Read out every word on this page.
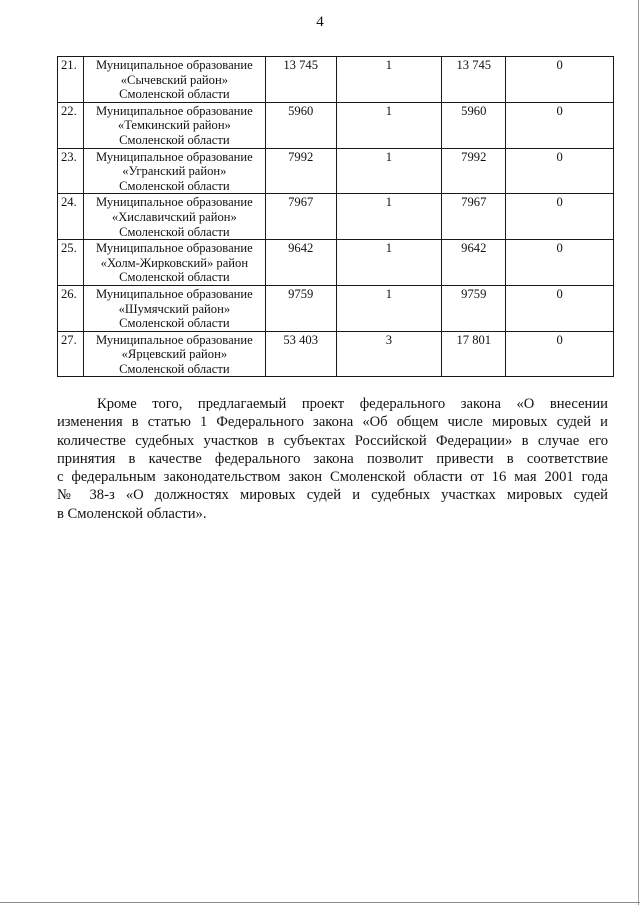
4
21.	Муниципальное образование
«Сычевский район»
Смоленской области	13 745	1	13 745	0
22.	Муниципальное образование
«Темкинский район»
Смоленской области	5960	1	5960	0
23.	Муниципальное образование
«Угранский район»
Смоленской области	7992	1	7992	0
24.	Муниципальное образование
«Хиславичский район»
Смоленской области	7967	1	7967	0
25.	Муниципальное образование
«Холм-Жирковский» район
Смоленской области	9642	1	9642	0
26.	Муниципальное образование
«Шумячский район»
Смоленской области	9759	1	9759	0
27.	Муниципальное образование
«Ярцевский район»
Смоленской области	53 403	3	17 801	0
Кроме того, предлагаемый проект федерального закона «О внесении
изменения в статью 1 Федерального закона «Об общем числе мировых судей и
количестве судебных участков в субъектах Российской Федерации» в случае его
принятия в качестве федерального закона позволит привести в соответствие
с федеральным законодательством закон Смоленской области от 16 мая 2001 года
№ 38-з «О должностях мировых судей и судебных участках мировых судей
в Смоленской области».
